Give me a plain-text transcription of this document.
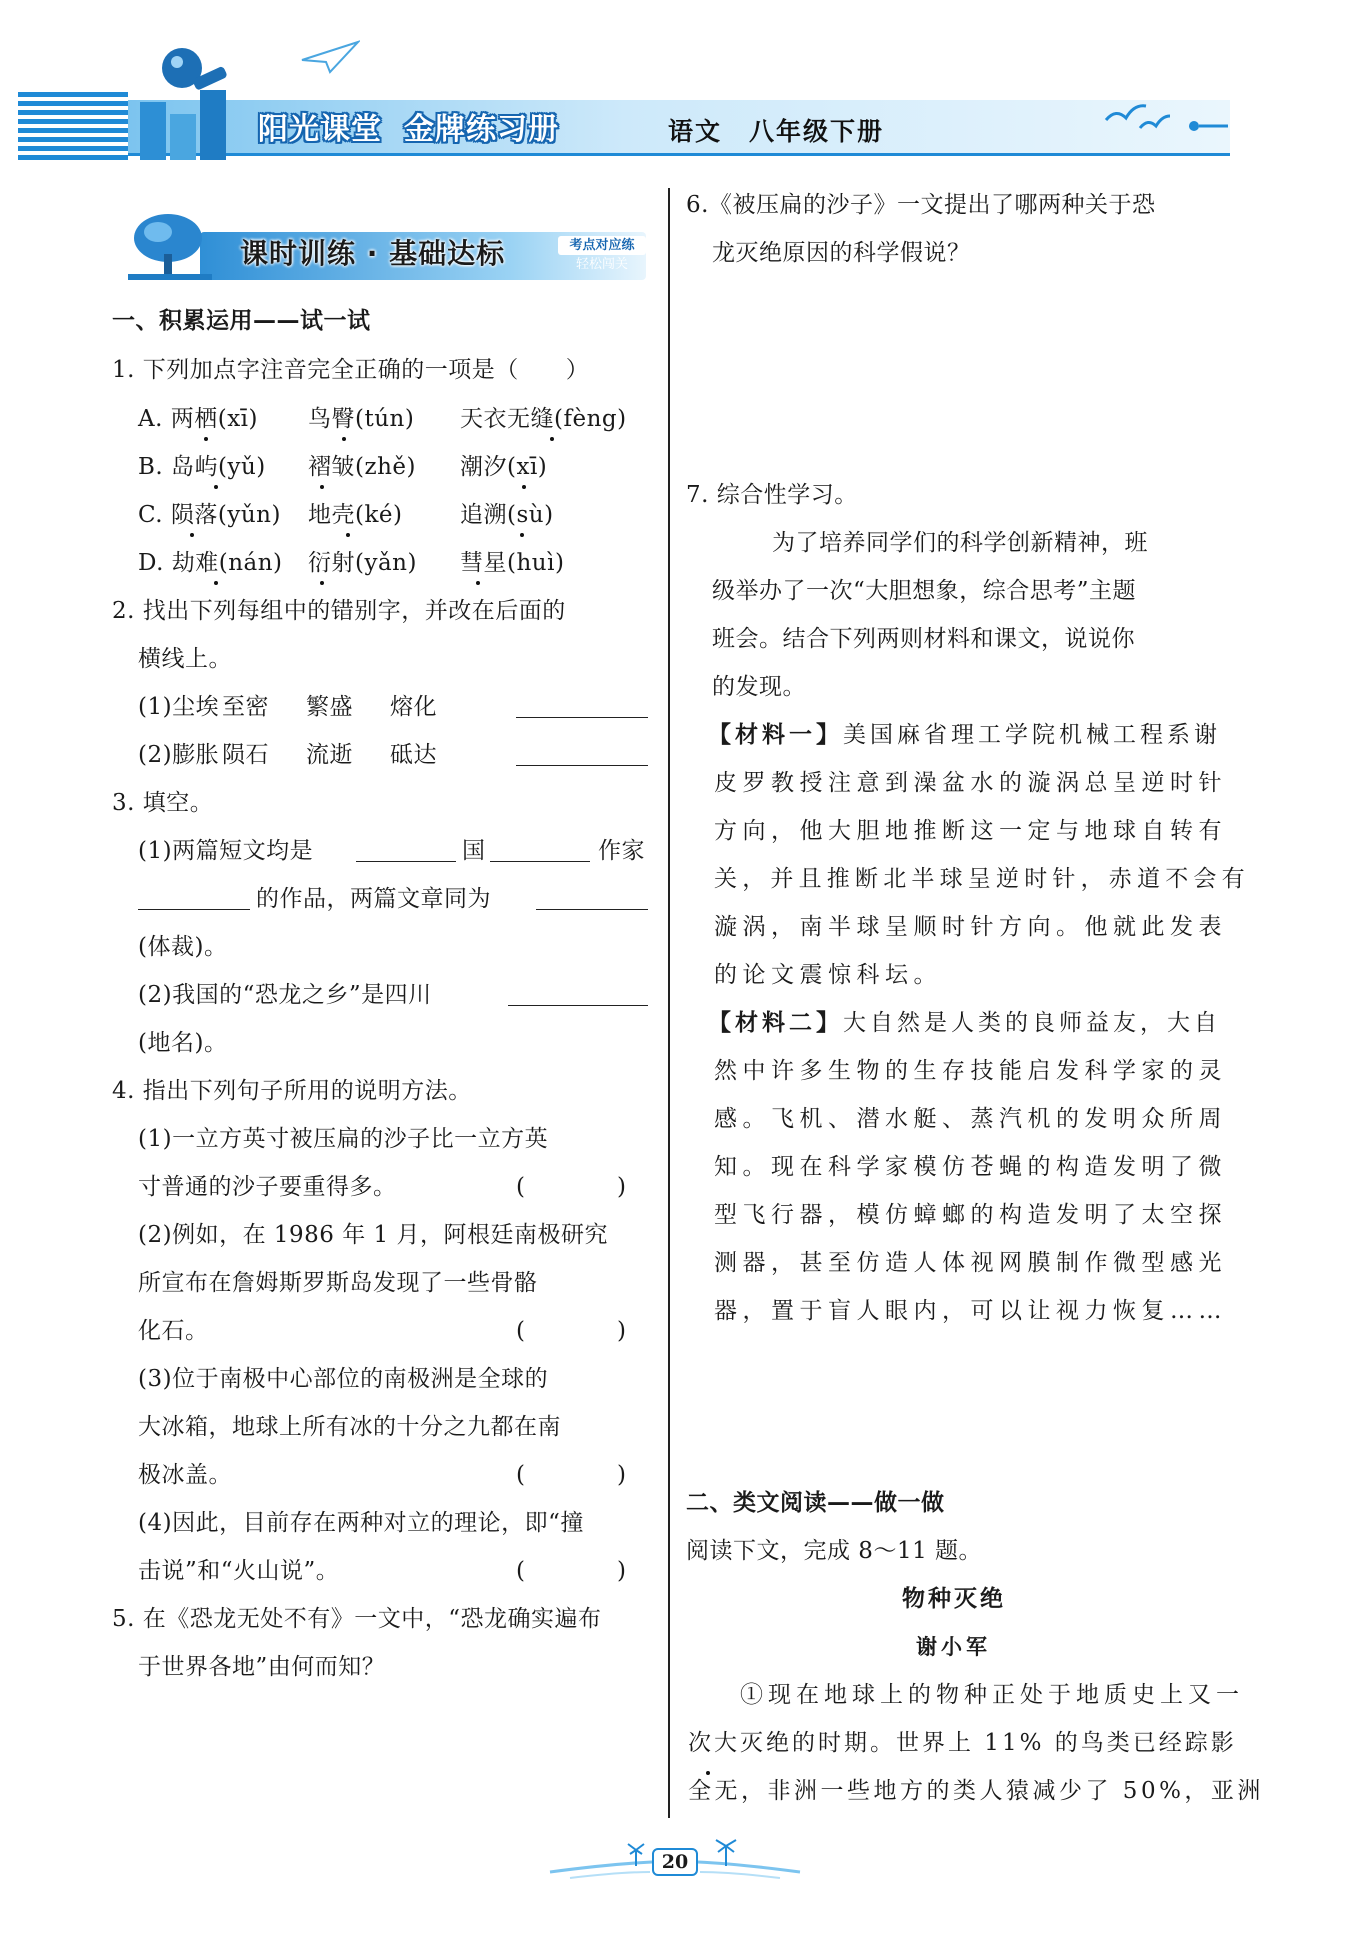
阳光课堂 金牌练习册	语文　八年级下册
课时训练 · 基础达标	考点对应练
轻松闯关
一、积累运用——试一试
1. 下列加点字注音完全正确的一项是（　　）
A. 两栖(xī) 鸟臀(tún) 天衣无缝(fèng)
B. 岛屿(yǔ) 褶皱(zhě) 潮汐(xī)
C. 陨落(yǔn) 地壳(ké)	追溯(sù)
D. 劫难(nán) 衍射(yǎn) 彗星(huì)
2. 找出下列每组中的错别字，并改在后面的
横线上。
(1)尘埃 至密 繁盛 熔化
(2)膨胀 陨石 流逝 砥达
3. 填空。
(1)两篇短文均是	国	作家
的作品，两篇文章同为
(体裁)。
(2)我国的“恐龙之乡”是四川
(地名)。
4. 指出下列句子所用的说明方法。
(1)一立方英寸被压扁的沙子比一立方英
寸普通的沙子要重得多。	(　　　　)
(2)例如，在 1986 年 1 月，阿根廷南极研究
所宣布在詹姆斯罗斯岛发现了一些骨骼
化石。	(　　　　)
(3)位于南极中心部位的南极洲是全球的
大冰箱，地球上所有冰的十分之九都在南
极冰盖。	(　　　　)
(4)因此，目前存在两种对立的理论，即“撞
击说”和“火山说”。	(　　　　)
5. 在《恐龙无处不有》一文中，“恐龙确实遍布
于世界各地”由何而知？
6.《被压扁的沙子》一文提出了哪两种关于恐
龙灭绝原因的科学假说？
7. 综合性学习。
为了培养同学们的科学创新精神，班
级举办了一次“大胆想象，综合思考”主题
班会。结合下列两则材料和课文，说说你
的发现。
【材料一】美国麻省理工学院机械工程系谢
皮罗教授注意到澡盆水的漩涡总呈逆时针
方向，他大胆地推断这一定与地球自转有
关，并且推断北半球呈逆时针，赤道不会有
漩涡，南半球呈顺时针方向。他就此发表
的论文震惊科坛。
【材料二】大自然是人类的良师益友，大自
然中许多生物的生存技能启发科学家的灵
感。飞机、潜水艇、蒸汽机的发明众所周
知。现在科学家模仿苍蝇的构造发明了微
型飞行器，模仿蟑螂的构造发明了太空探
测器，甚至仿造人体视网膜制作微型感光
器，置于盲人眼内，可以让视力恢复……
二、类文阅读——做一做
阅读下文，完成 8～11 题。
物种灭绝
谢小军
①现在地球上的物种正处于地质史上又一
次大灭绝的时期。世界上 11% 的鸟类已经踪影
全无，非洲一些地方的类人猿减少了 50%，亚洲
20
